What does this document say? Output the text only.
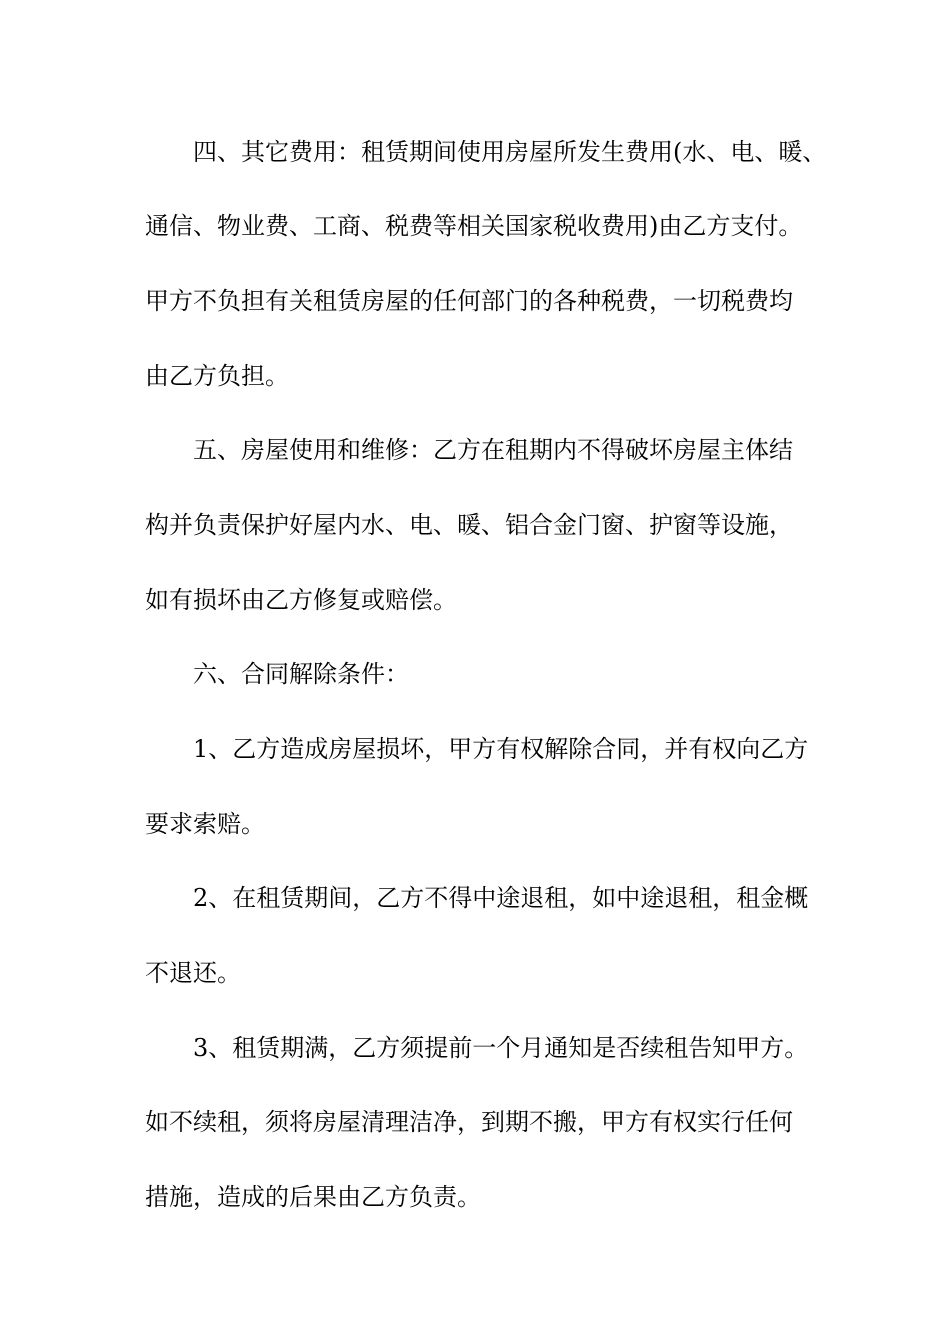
四、其它费用：租赁期间使用房屋所发生费用(水、电、暖、
通信、物业费、工商、税费等相关国家税收费用)由乙方支付。
甲方不负担有关租赁房屋的任何部门的各种税费，一切税费均
由乙方负担。
五、房屋使用和维修：乙方在租期内不得破坏房屋主体结
构并负责保护好屋内水、电、暖、铝合金门窗、护窗等设施，
如有损坏由乙方修复或赔偿。
六、合同解除条件：
1、乙方造成房屋损坏，甲方有权解除合同，并有权向乙方
要求索赔。
2、在租赁期间，乙方不得中途退租，如中途退租，租金概
不退还。
3、租赁期满，乙方须提前一个月通知是否续租告知甲方。
如不续租，须将房屋清理洁净，到期不搬，甲方有权实行任何
措施，造成的后果由乙方负责。
